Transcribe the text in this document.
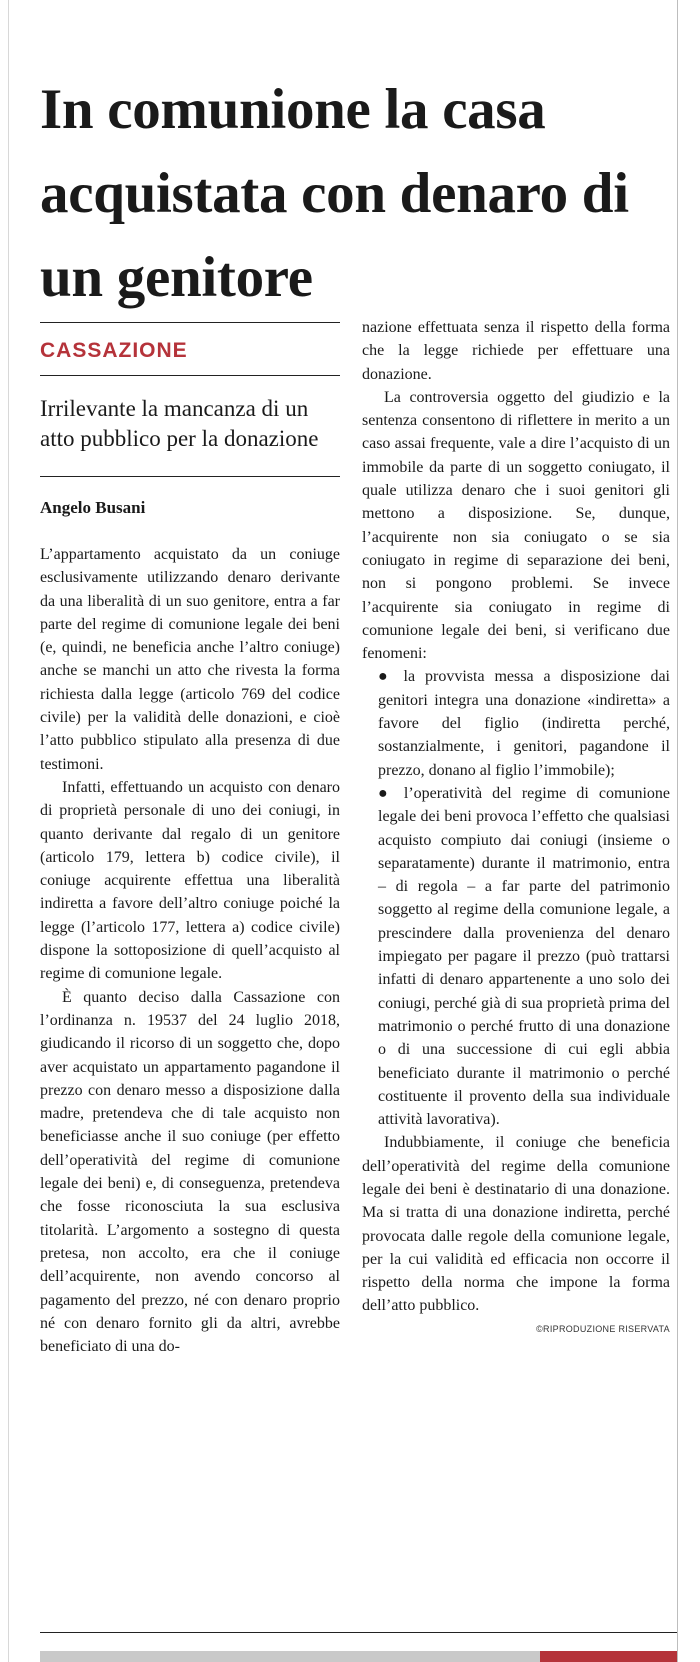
In comunione la casa acquistata con denaro di un genitore
CASSAZIONE
Irrilevante la mancanza di un atto pubblico per la donazione
Angelo Busani

L’appartamento acquistato da un coniuge esclusivamente utilizzando denaro derivante da una liberalità di un suo genitore, entra a far parte del regime di comunione legale dei beni (e, quindi, ne beneficia anche l’altro coniuge) anche se manchi un atto che rivesta la forma richiesta dalla legge (articolo 769 del codice civile) per la validità delle donazioni, e cioè l’atto pubblico stipulato alla presenza di due testimoni.

Infatti, effettuando un acquisto con denaro di proprietà personale di uno dei coniugi, in quanto derivante dal regalo di un genitore (articolo 179, lettera b) codice civile), il coniuge acquirente effettua una liberalità indiretta a favore dell’altro coniuge poiché la legge (l’articolo 177, lettera a) codice civile) dispone la sottoposizione di quell’acquisto al regime di comunione legale.

È quanto deciso dalla Cassazione con l’ordinanza n. 19537 del 24 luglio 2018, giudicando il ricorso di un soggetto che, dopo aver acquistato un appartamento pagandone il prezzo con denaro messo a disposizione dalla madre, pretendeva che di tale acquisto non beneficiasse anche il suo coniuge (per effetto dell’operatività del regime di comunione legale dei beni) e, di conseguenza, pretendeva che fosse riconosciuta la sua esclusiva titolarità. L’argomento a sostegno di questa pretesa, non accolto, era che il coniuge dell’acquirente, non avendo concorso al pagamento del prezzo, né con denaro proprio né con denaro fornito gli da altri, avrebbe beneficiato di una do-

nazione effettuata senza il rispetto della forma che la legge richiede per effettuare una donazione.

La controversia oggetto del giudizio e la sentenza consentono di riflettere in merito a un caso assai frequente, vale a dire l’acquisto di un immobile da parte di un soggetto coniugato, il quale utilizza denaro che i suoi genitori gli mettono a disposizione. Se, dunque, l’acquirente non sia coniugato o se sia coniugato in regime di separazione dei beni, non si pongono problemi. Se invece l’acquirente sia coniugato in regime di comunione legale dei beni, si verificano due fenomeni:

● la provvista messa a disposizione dai genitori integra una donazione «indiretta» a favore del figlio (indiretta perché, sostanzialmente, i genitori, pagandone il prezzo, donano al figlio l’immobile);

● l’operatività del regime di comunione legale dei beni provoca l’effetto che qualsiasi acquisto compiuto dai coniugi (insieme o separatamente) durante il matrimonio, entra – di regola – a far parte del patrimonio soggetto al regime della comunione legale, a prescindere dalla provenienza del denaro impiegato per pagare il prezzo (può trattarsi infatti di denaro appartenente a uno solo dei coniugi, perché già di sua proprietà prima del matrimonio o perché frutto di una donazione o di una successione di cui egli abbia beneficiato durante il matrimonio o perché costituente il provento della sua individuale attività lavorativa).

Indubbiamente, il coniuge che beneficia dell’operatività del regime della comunione legale dei beni è destinatario di una donazione. Ma si tratta di una donazione indiretta, perché provocata dalle regole della comunione legale, per la cui validità ed efficacia non occorre il rispetto della norma che impone la forma dell’atto pubblico.

©RIPRODUZIONE RISERVATA
